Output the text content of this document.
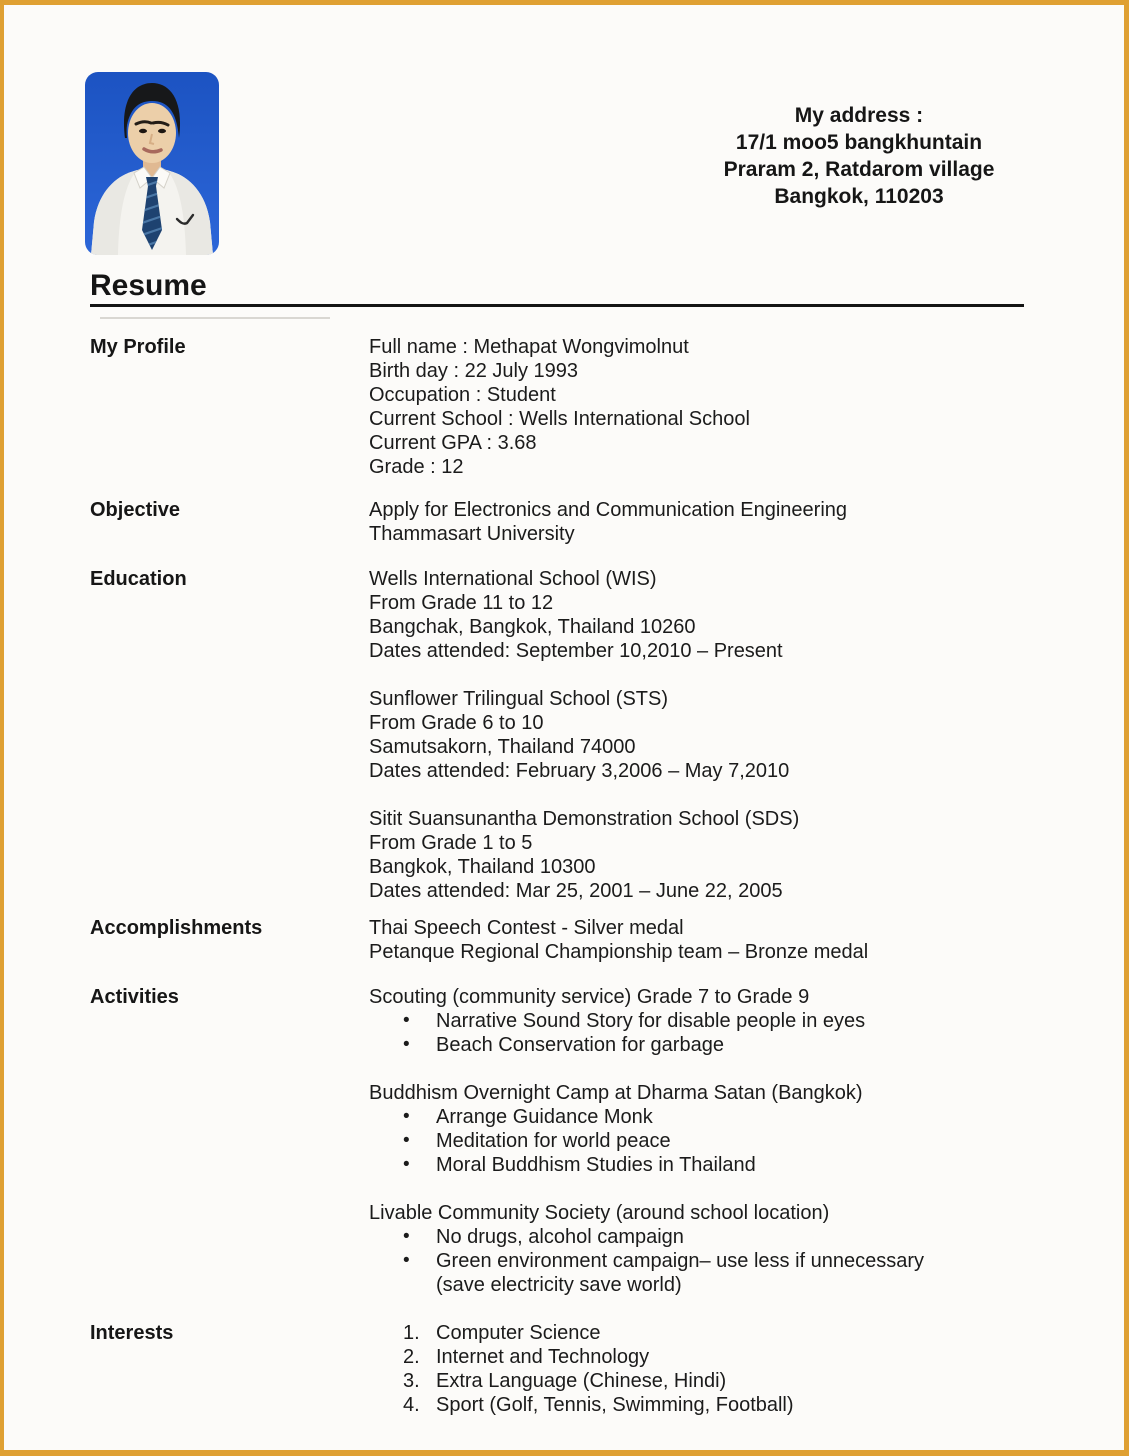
My address :
17/1 moo5 bangkhuntain
Praram 2, Ratdarom village
Bangkok, 110203
Resume
My Profile	Full name : Methapat Wongvimolnut
Birth day : 22 July 1993
Occupation : Student
Current School : Wells International School
Current GPA : 3.68
Grade : 12
Objective	Apply for Electronics and Communication Engineering
Thammasart University
Education	Wells International School (WIS)
From Grade 11 to 12
Bangchak, Bangkok, Thailand 10260
Dates attended: September 10,2010 – Present
Sunflower Trilingual School (STS)
From Grade 6 to 10
Samutsakorn, Thailand 74000
Dates attended: February 3,2006 – May 7,2010
Sitit Suansunantha Demonstration School (SDS)
From Grade 1 to 5
Bangkok, Thailand 10300
Dates attended: Mar 25, 2001 – June 22, 2005
Accomplishments	Thai Speech Contest - Silver medal
Petanque Regional Championship team – Bronze medal
Activities	Scouting (community service) Grade 7 to Grade 9
•	Narrative Sound Story for disable people in eyes
•	Beach Conservation for garbage
Buddhism Overnight Camp at Dharma Satan (Bangkok)
•	Arrange Guidance Monk
•	Meditation for world peace
•	Moral Buddhism Studies in Thailand
Livable Community Society (around school location)
•	No drugs, alcohol campaign
•	Green environment campaign– use less if unnecessary
(save electricity save world)
Interests	1. Computer Science
2. Internet and Technology
3. Extra Language (Chinese, Hindi)
4. Sport (Golf, Tennis, Swimming, Football)
